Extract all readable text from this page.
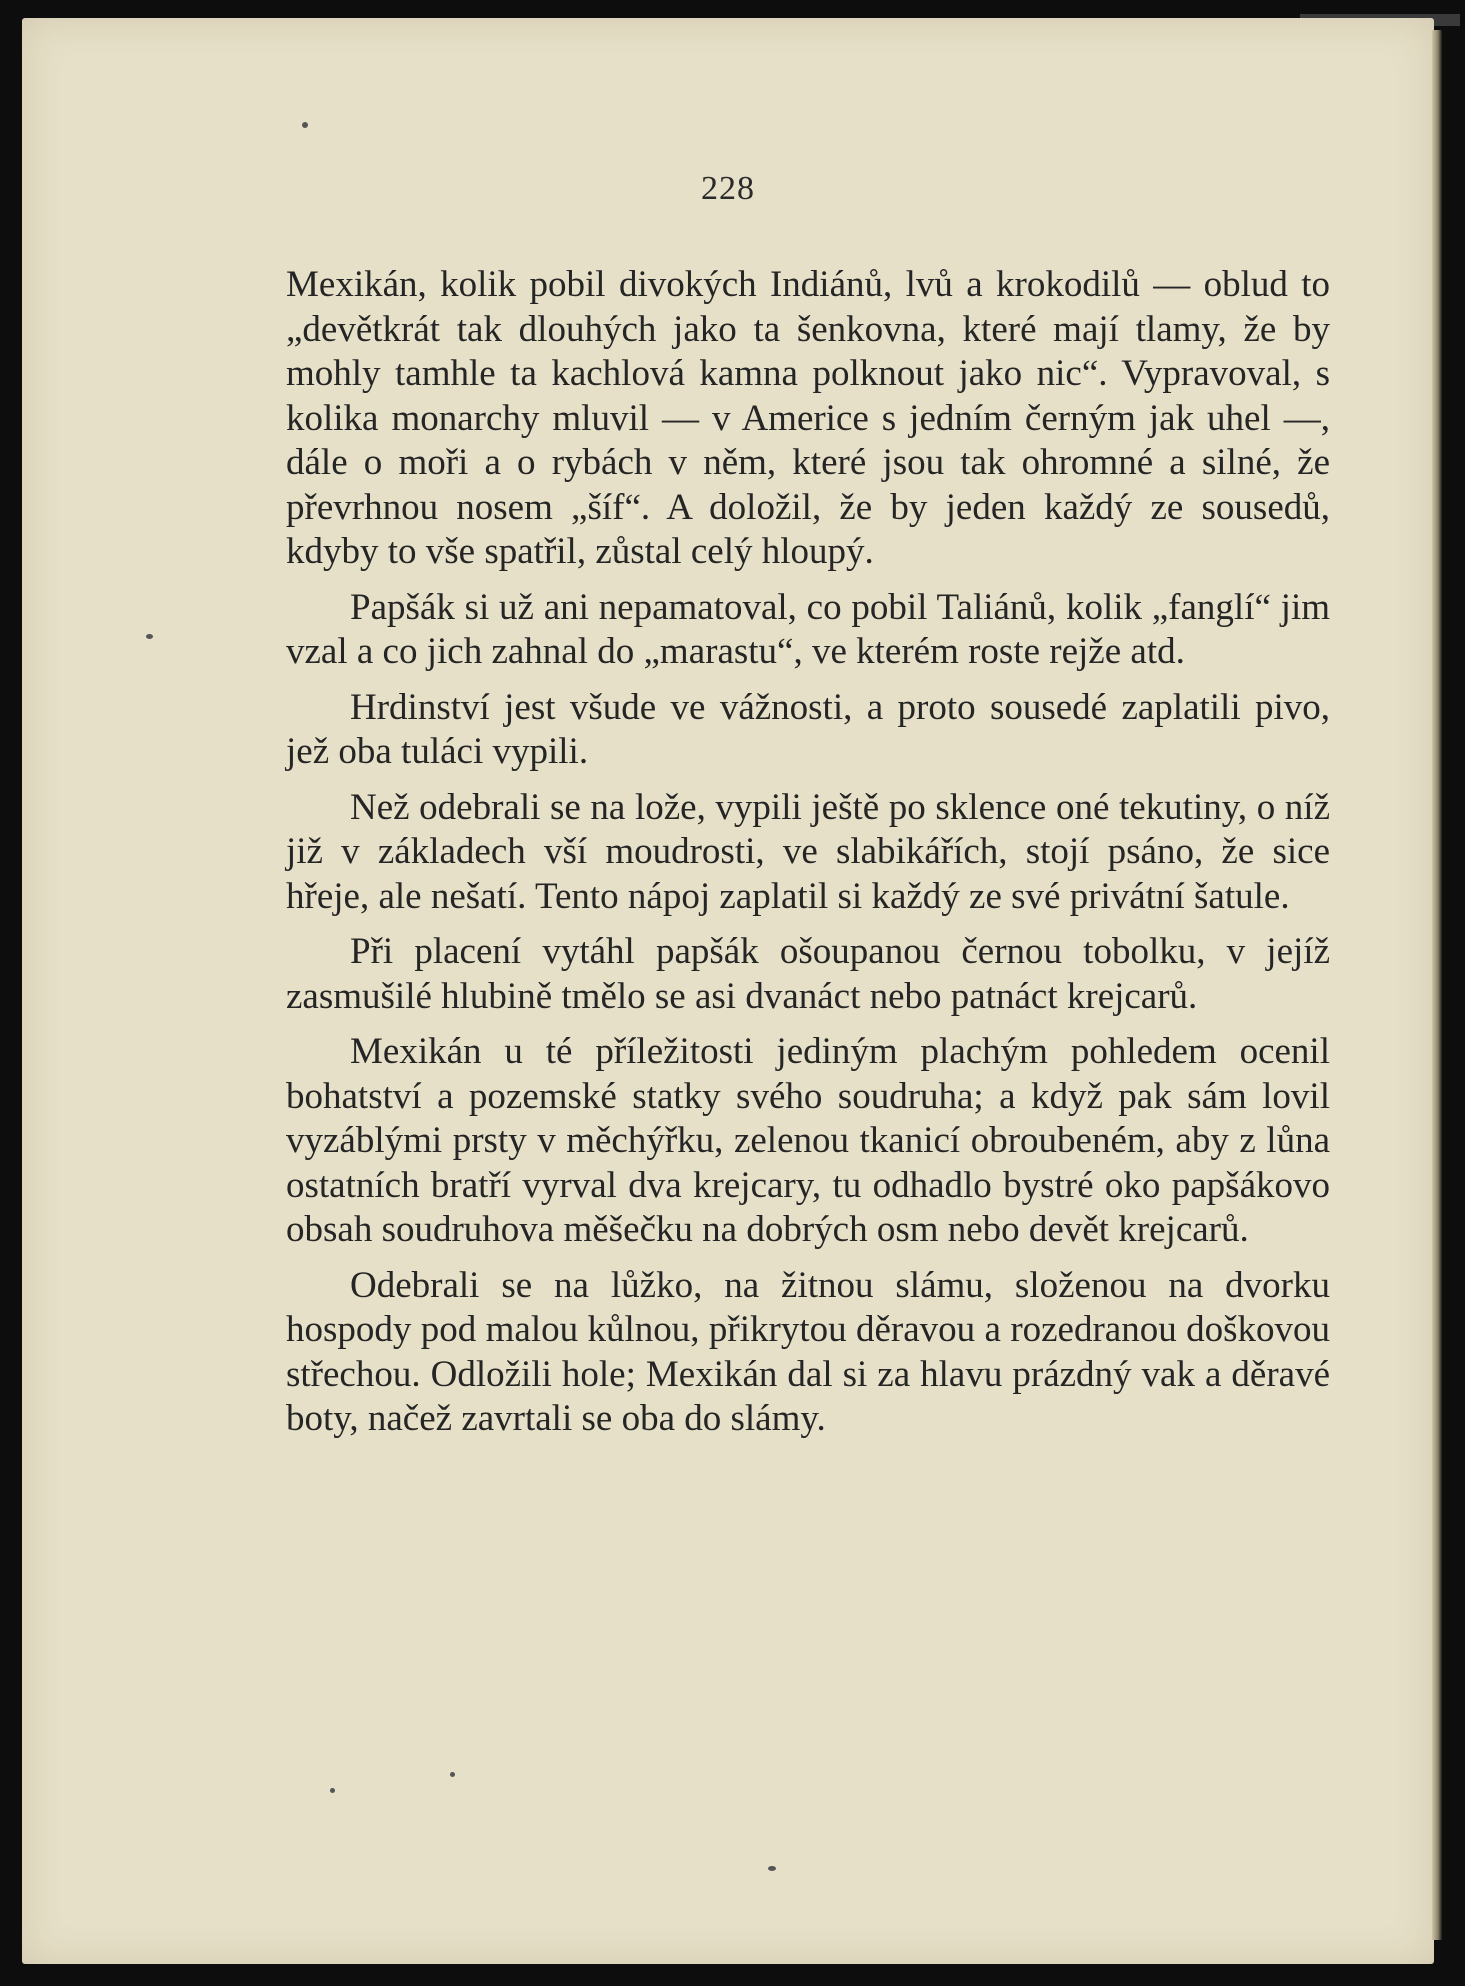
228

Mexikán, kolik pobil divokých Indiánů, lvů a krokodilů — oblud to „devětkrát tak dlouhých jako ta šenkovna, které mají tlamy, že by mohly tamhle ta kachlová kamna polknout jako nic“. Vypravoval, s kolika monarchy mluvil — v Americe s jedním černým jak uhel —, dále o moři a o rybách v něm, které jsou tak ohromné a silné, že převrhnou nosem „šíf“. A doložil, že by jeden každý ze sousedů, kdyby to vše spatřil, zůstal celý hloupý.

Papšák si už ani nepamatoval, co pobil Taliánů, kolik „fanglí“ jim vzal a co jich zahnal do „marastu“, ve kterém roste rejže atd.

Hrdinství jest všude ve vážnosti, a proto sousedé zaplatili pivo, jež oba tuláci vypili.

Než odebrali se na lože, vypili ještě po sklence oné tekutiny, o níž již v základech vší moudrosti, ve slabikářích, stojí psáno, že sice hřeje, ale nešatí. Tento nápoj zaplatil si každý ze své privátní šatule.

Při placení vytáhl papšák ošoupanou černou tobolku, v jejíž zasmušilé hlubině tmělo se asi dvanáct nebo patnáct krejcarů.

Mexikán u té příležitosti jediným plachým pohledem ocenil bohatství a pozemské statky svého soudruha; a když pak sám lovil vyzáblými prsty v měchýřku, zelenou tkanicí obroubeném, aby z lůna ostatních bratří vyrval dva krejcary, tu odhadlo bystré oko papšákovo obsah soudruhova měšečku na dobrých osm nebo devět krejcarů.

Odebrali se na lůžko, na žitnou slámu, složenou na dvorku hospody pod malou kůlnou, přikrytou děravou a rozedranou doškovou střechou. Odložili hole; Mexikán dal si za hlavu prázdný vak a děravé boty, načež zavrtali se oba do slámy.
